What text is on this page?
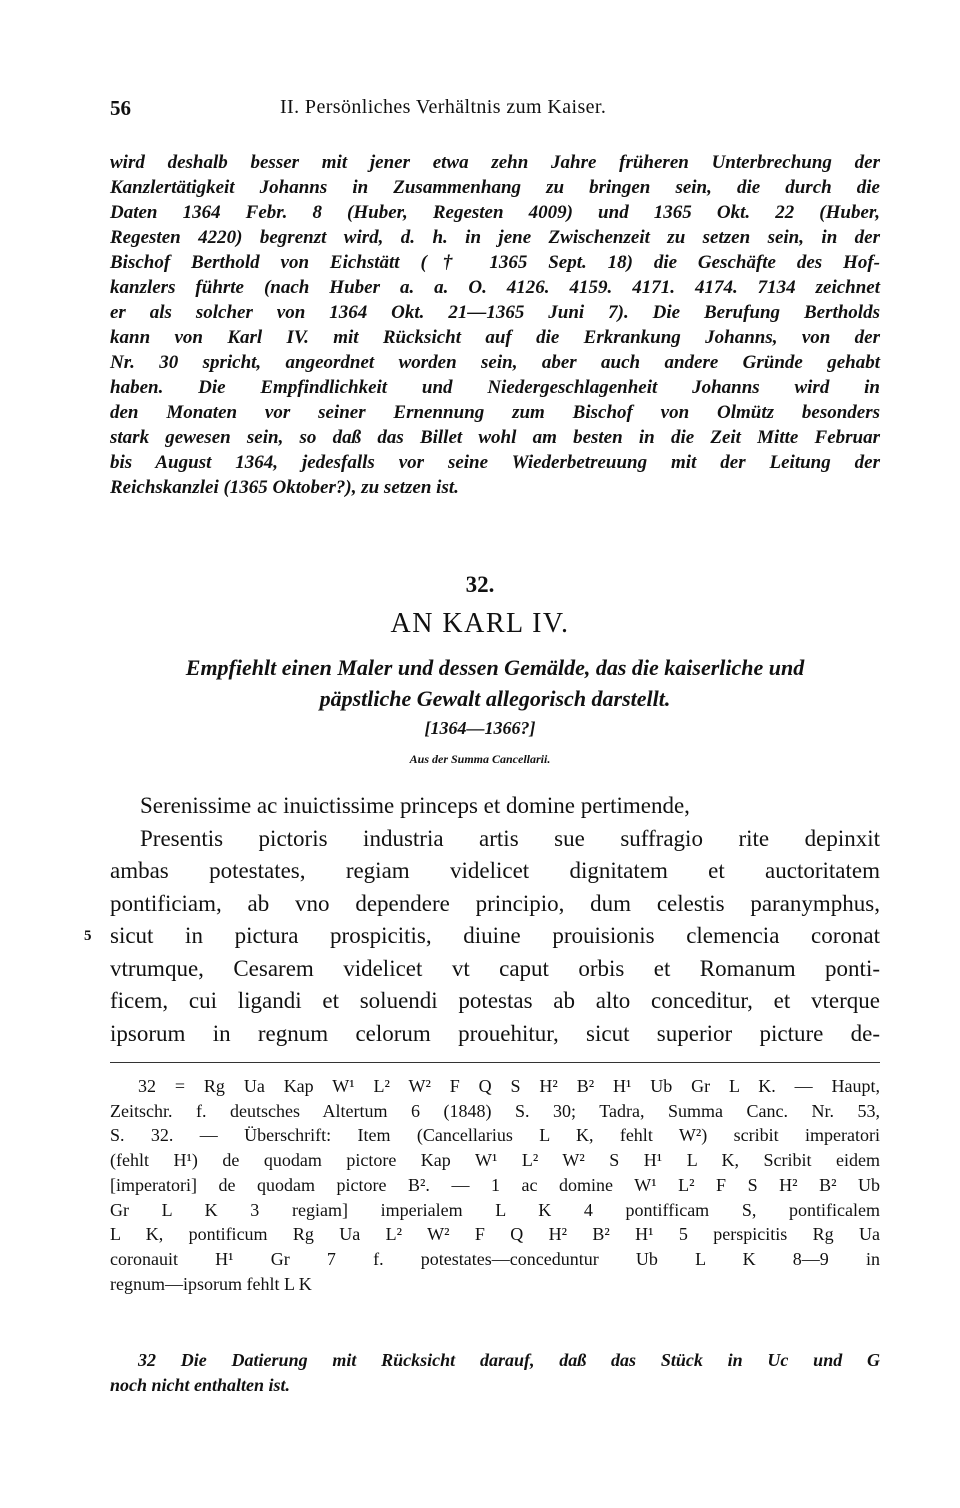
56	II. Persönliches Verhältnis zum Kaiser.
wird deshalb besser mit jener etwa zehn Jahre früheren Unterbrechung der
Kanzlertätigkeit Johanns in Zusammenhang zu bringen sein, die durch die
Daten 1364 Febr. 8 (Huber, Regesten 4009) und 1365 Okt. 22 (Huber,
Regesten 4220) begrenzt wird, d. h. in jene Zwischenzeit zu setzen sein, in der
Bischof Berthold von Eichstätt († 1365 Sept. 18) die Geschäfte des Hof-
kanzlers führte (nach Huber a. a. O. 4126. 4159. 4171. 4174. 7134 zeichnet
er als solcher von 1364 Okt. 21—1365 Juni 7). Die Berufung Bertholds
kann von Karl IV. mit Rücksicht auf die Erkrankung Johanns, von der
Nr. 30 spricht, angeordnet worden sein, aber auch andere Gründe gehabt
haben. Die Empfindlichkeit und Niedergeschlagenheit Johanns wird in
den Monaten vor seiner Ernennung zum Bischof von Olmütz besonders
stark gewesen sein, so daß das Billet wohl am besten in die Zeit Mitte Februar
bis August 1364, jedesfalls vor seine Wiederbetreuung mit der Leitung der
Reichskanzlei (1365 Oktober?), zu setzen ist.
32.
AN KARL IV.
Empfiehlt einen Maler und dessen Gemälde, das die kaiserliche und
päpstliche Gewalt allegorisch darstellt.
[1364—1366?]
Aus der Summa Cancellarii.
Serenissime ac inuictissime princeps et domine pertimende,
Presentis pictoris industria artis sue suffragio rite depinxit
ambas potestates, regiam videlicet dignitatem et auctoritatem
pontificiam, ab vno dependere principio, dum celestis paranymphus,
5 sicut in pictura prospicitis, diuine prouisionis clemencia coronat
vtrumque, Cesarem videlicet vt caput orbis et Romanum ponti-
ficem, cui ligandi et soluendi potestas ab alto conceditur, et vterque
ipsorum in regnum celorum prouehitur, sicut superior picture de-
32 = Rg Ua Kap W¹ L² W² F Q S H² B² H¹ Ub Gr L K. — Haupt,
Zeitschr. f. deutsches Altertum 6 (1848) S. 30; Tadra, Summa Canc. Nr. 53,
S. 32. — Überschrift: Item (Cancellarius L K, fehlt W²) scribit imperatori
(fehlt H¹) de quodam pictore Kap W¹ L² W² S H¹ L K, Scribit eidem
[imperatori] de quodam pictore B². — 1 ac domine W¹ L² F S H² B² Ub
Gr L K 3 regiam] imperialem L K 4 pontifficam S, pontificalem
L K, pontificum Rg Ua L² W² F Q H² B² H¹ 5 perspicitis Rg Ua
coronauit H¹ Gr 7 f. potestates—conceduntur Ub L K 8—9 in
regnum—ipsorum fehlt L K
32 Die Datierung mit Rücksicht darauf, daß das Stück in Uc und G
noch nicht enthalten ist.
